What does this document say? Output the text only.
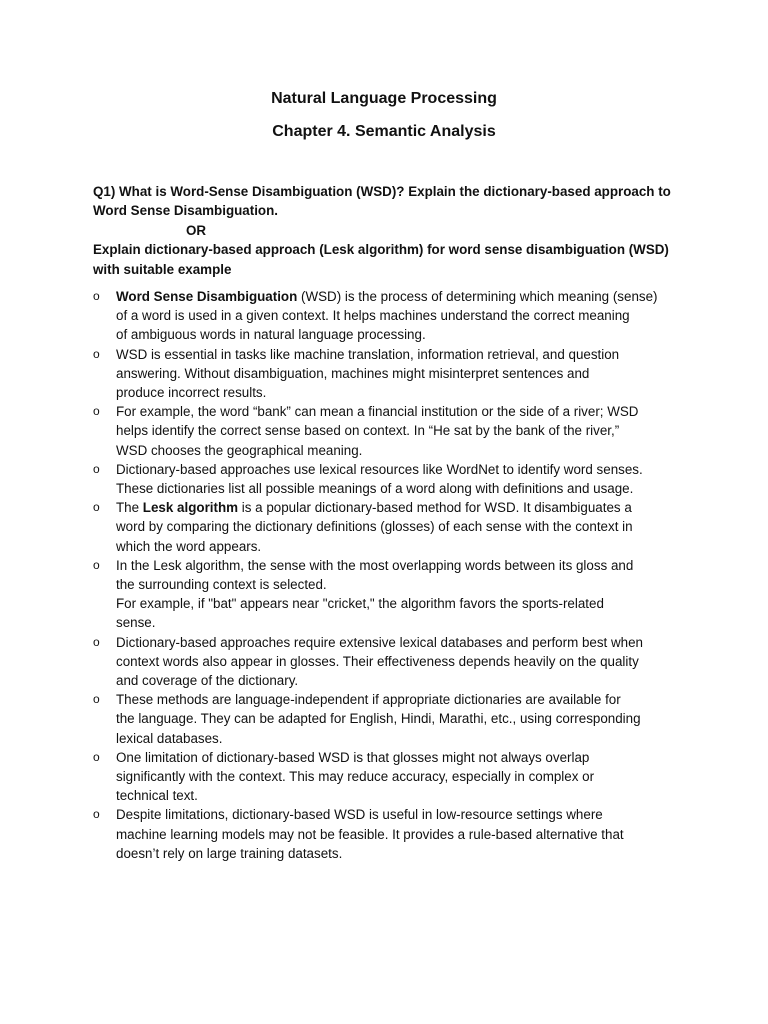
Natural Language Processing
Chapter 4. Semantic Analysis
Q1) What is Word-Sense Disambiguation (WSD)? Explain the dictionary-based approach to
Word Sense Disambiguation.
OR
Explain dictionary-based approach (Lesk algorithm) for word sense disambiguation (WSD)
with suitable example
o Word Sense Disambiguation (WSD) is the process of determining which meaning (sense)
of a word is used in a given context. It helps machines understand the correct meaning
of ambiguous words in natural language processing.
o WSD is essential in tasks like machine translation, information retrieval, and question
answering. Without disambiguation, machines might misinterpret sentences and
produce incorrect results.
o For example, the word “bank” can mean a financial institution or the side of a river; WSD
helps identify the correct sense based on context. In “He sat by the bank of the river,”
WSD chooses the geographical meaning.
o Dictionary-based approaches use lexical resources like WordNet to identify word senses.
These dictionaries list all possible meanings of a word along with definitions and usage.
o The Lesk algorithm is a popular dictionary-based method for WSD. It disambiguates a
word by comparing the dictionary definitions (glosses) of each sense with the context in
which the word appears.
o In the Lesk algorithm, the sense with the most overlapping words between its gloss and
the surrounding context is selected.
For example, if "bat" appears near "cricket," the algorithm favors the sports-related
sense.
o Dictionary-based approaches require extensive lexical databases and perform best when
context words also appear in glosses. Their effectiveness depends heavily on the quality
and coverage of the dictionary.
o These methods are language-independent if appropriate dictionaries are available for
the language. They can be adapted for English, Hindi, Marathi, etc., using corresponding
lexical databases.
o One limitation of dictionary-based WSD is that glosses might not always overlap
significantly with the context. This may reduce accuracy, especially in complex or
technical text.
o Despite limitations, dictionary-based WSD is useful in low-resource settings where
machine learning models may not be feasible. It provides a rule-based alternative that
doesn’t rely on large training datasets.
